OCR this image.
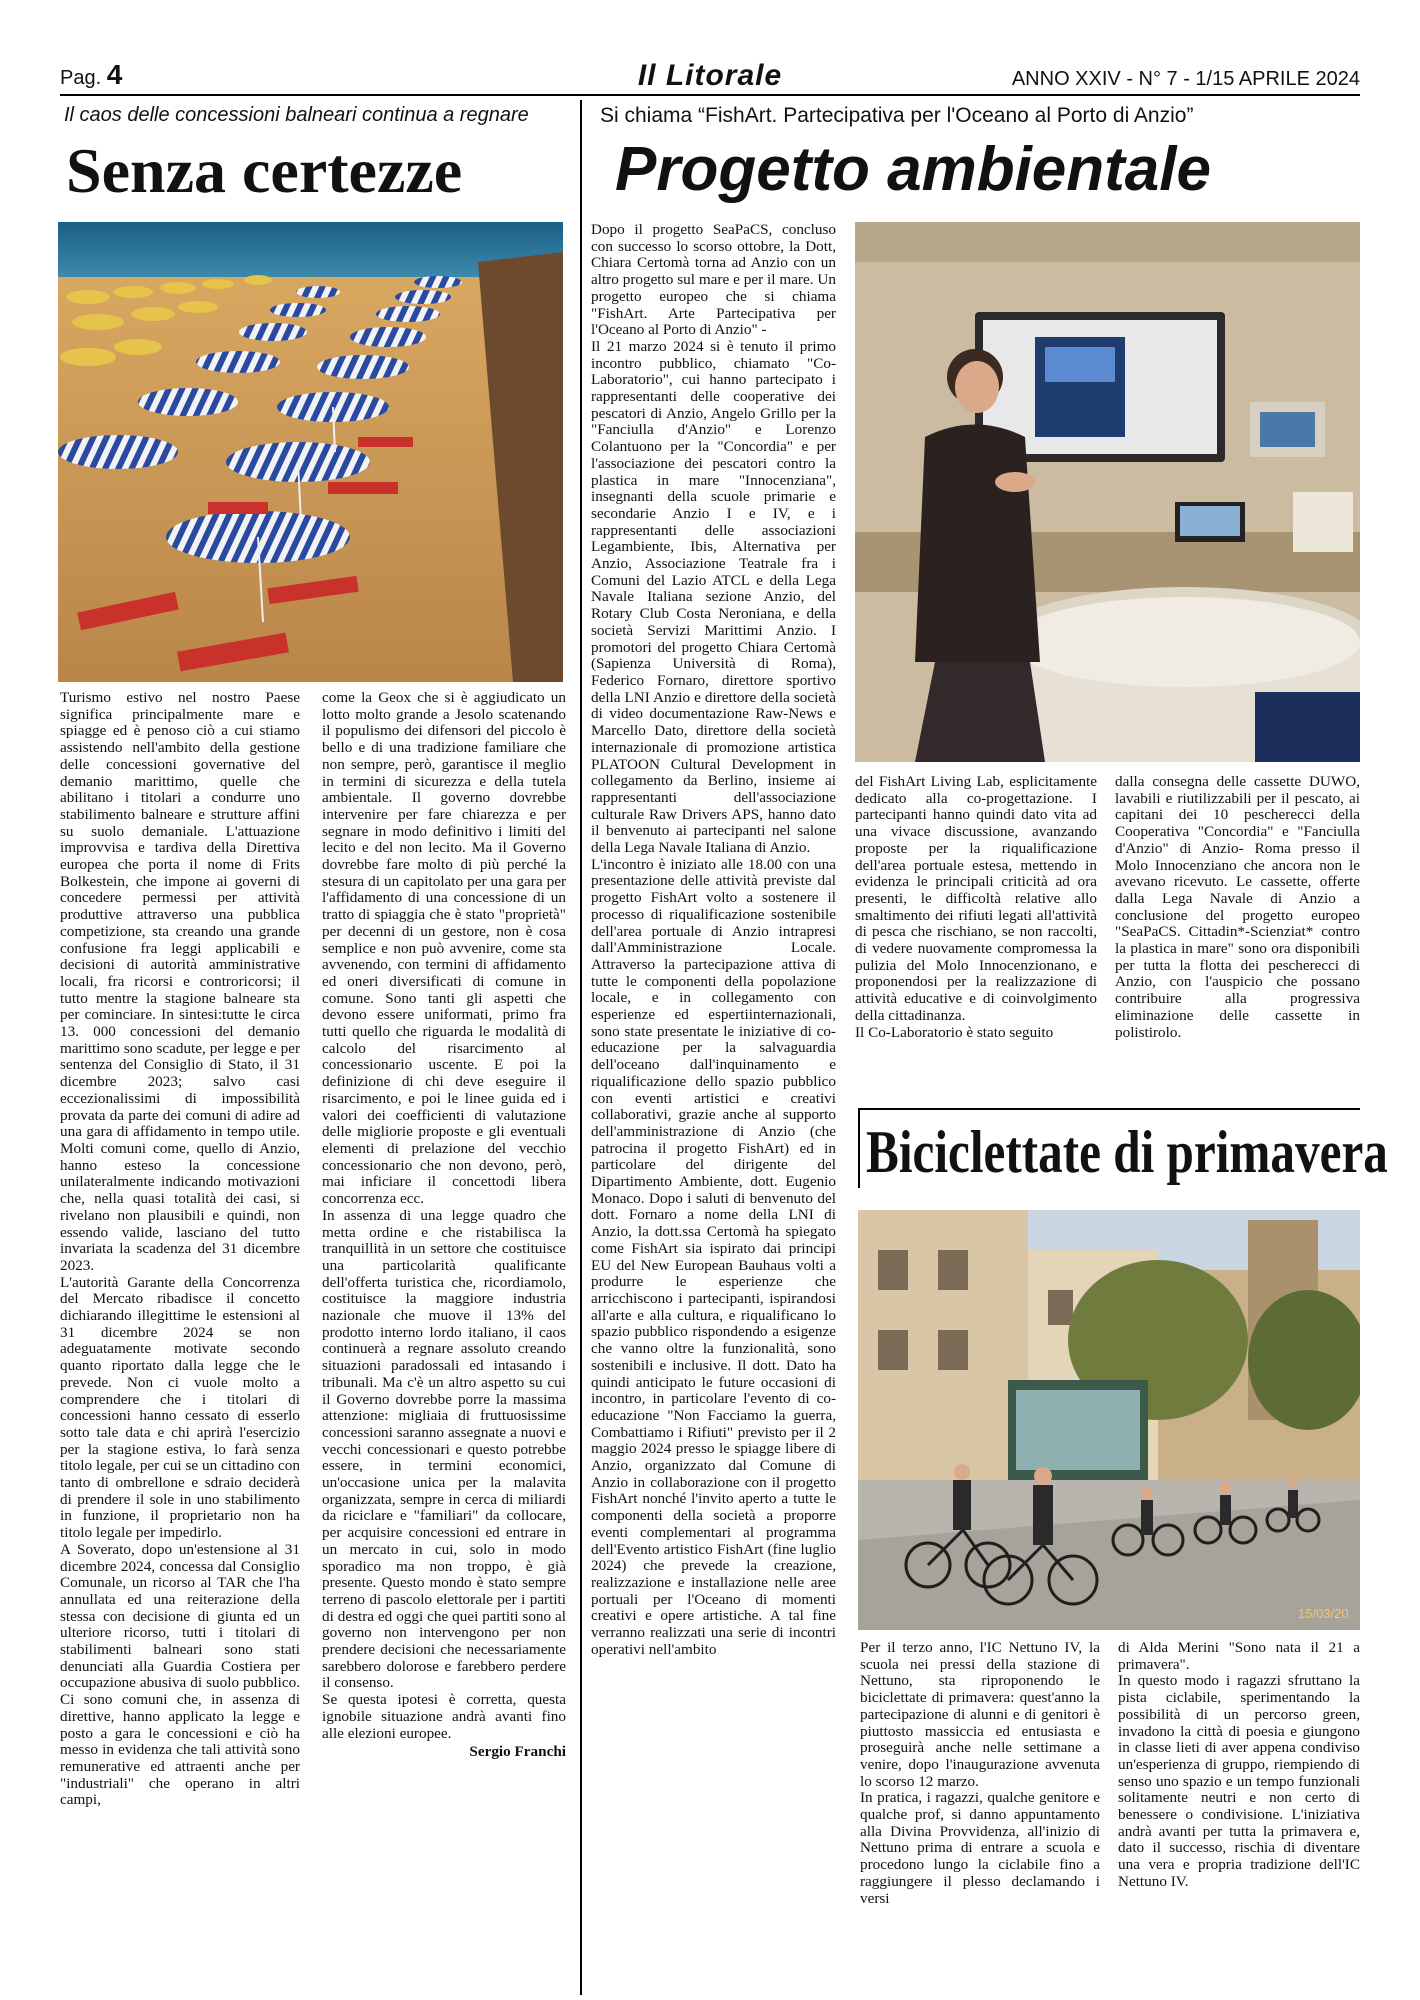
Pag. 4	Il Litorale	ANNO XXIV - N° 7 - 1/15 APRILE 2024
Il caos delle concessioni balneari continua a regnare
Senza certezze

Turismo estivo nel nostro Paese significa principalmente mare e spiagge ed è penoso ciò a cui stiamo assistendo nell'ambito della gestione delle concessioni governative del demanio marittimo, quelle che abilitano i titolari a condurre uno stabilimento balneare e strutture affini su suolo demaniale. L'attuazione improvvisa e tardiva della Direttiva europea che porta il nome di Frits Bolkestein, che impone ai governi di concedere permessi per attività produttive attraverso una pubblica competizione, sta creando una grande confusione fra leggi applicabili e decisioni di autorità amministrative locali, fra ricorsi e controricorsi; il tutto mentre la stagione balneare sta per cominciare. In sintesi:tutte le circa 13. 000 concessioni del demanio marittimo sono scadute, per legge e per sentenza del Consiglio di Stato, il 31 dicembre 2023; salvo casi eccezionalissimi di impossibilità provata da parte dei comuni di adire ad una gara di affidamento in tempo utile. Molti comuni come, quello di Anzio, hanno esteso la concessione unilateralmente indicando motivazioni che, nella quasi totalità dei casi, si rivelano non plausibili e quindi, non essendo valide, lasciano del tutto invariata la scadenza del 31 dicembre 2023.

L'autorità Garante della Concorrenza del Mercato ribadisce il concetto dichiarando illegittime le estensioni al 31 dicembre 2024 se non adeguatamente motivate secondo quanto riportato dalla legge che le prevede. Non ci vuole molto a comprendere che i titolari di concessioni hanno cessato di esserlo sotto tale data e chi aprirà l'esercizio per la stagione estiva, lo farà senza titolo legale, per cui se un cittadino con tanto di ombrellone e sdraio deciderà di prendere il sole in uno stabilimento in funzione, il proprietario non ha titolo legale per impedirlo.

A Soverato, dopo un'estensione al 31 dicembre 2024, concessa dal Consiglio Comunale, un ricorso al TAR che l'ha annullata ed una reiterazione della stessa con decisione di giunta ed un ulteriore ricorso, tutti i titolari di stabilimenti balneari sono stati denunciati alla Guardia Costiera per occupazione abusiva di suolo pubblico. Ci sono comuni che, in assenza di direttive, hanno applicato la legge e posto a gara le concessioni e ciò ha messo in evidenza che tali attività sono remunerative ed attraenti anche per "industriali" che operano in altri campi,

come la Geox che si è aggiudicato un lotto molto grande a Jesolo scatenando il populismo dei difensori del piccolo è bello e di una tradizione familiare che non sempre, però, garantisce il meglio in termini di sicurezza e della tutela ambientale. Il governo dovrebbe intervenire per fare chiarezza e per segnare in modo definitivo i limiti del lecito e del non lecito. Ma il Governo dovrebbe fare molto di più perché la stesura di un capitolato per una gara per l'affidamento di una concessione di un tratto di spiaggia che è stato "proprietà" per decenni di un gestore, non è cosa semplice e non può avvenire, come sta avvenendo, con termini di affidamento ed oneri diversificati di comune in comune. Sono tanti gli aspetti che devono essere uniformati, primo fra tutti quello che riguarda le modalità di calcolo del risarcimento al concessionario uscente. E poi la definizione di chi deve eseguire il risarcimento, e poi le linee guida ed i valori dei coefficienti di valutazione delle migliorie proposte e gli eventuali elementi di prelazione del vecchio concessionario che non devono, però, mai inficiare il concettodi libera concorrenza ecc.

In assenza di una legge quadro che metta ordine e che ristabilisca la tranquillità in un settore che costituisce una particolarità qualificante dell'offerta turistica che, ricordiamolo, costituisce la maggiore industria nazionale che muove il 13% del prodotto interno lordo italiano, il caos continuerà a regnare assoluto creando situazioni paradossali ed intasando i tribunali. Ma c'è un altro aspetto su cui il Governo dovrebbe porre la massima attenzione: migliaia di fruttuosissime concessioni saranno assegnate a nuovi e vecchi concessionari e questo potrebbe essere, in termini economici, un'occasione unica per la malavita organizzata, sempre in cerca di miliardi da riciclare e "familiari" da collocare, per acquisire concessioni ed entrare in un mercato in cui, solo in modo sporadico ma non troppo, è già presente. Questo mondo è stato sempre terreno di pascolo elettorale per i partiti di destra ed oggi che quei partiti sono al governo non intervengono per non prendere decisioni che necessariamente sarebbero dolorose e farebbero perdere il consenso.

Se questa ipotesi è corretta, questa ignobile situazione andrà avanti fino alle elezioni europee.

Sergio Franchi

Si chiama “FishArt. Partecipativa per l'Oceano al Porto di Anzio”
Progetto ambientale

Dopo il progetto SeaPaCS, concluso con successo lo scorso ottobre, la Dott, Chiara Certomà torna ad Anzio con un altro progetto sul mare e per il mare. Un progetto europeo che si chiama "FishArt. Arte Partecipativa per l'Oceano al Porto di Anzio" -

Il 21 marzo 2024 si è tenuto il primo incontro pubblico, chiamato "Co-Laboratorio", cui hanno partecipato i rappresentanti delle cooperative dei pescatori di Anzio, Angelo Grillo per la "Fanciulla d'Anzio" e Lorenzo Colantuono per la "Concordia" e per l'associazione dei pescatori contro la plastica in mare "Innocenziana", insegnanti della scuole primarie e secondarie Anzio I e IV, e i rappresentanti delle associazioni Legambiente, Ibis, Alternativa per Anzio, Associazione Teatrale fra i Comuni del Lazio ATCL e della Lega Navale Italiana sezione Anzio, del Rotary Club Costa Neroniana, e della società Servizi Marittimi Anzio. I promotori del progetto Chiara Certomà (Sapienza Università di Roma), Federico Fornaro, direttore sportivo della LNI Anzio e direttore della società di video documentazione Raw-News e Marcello Dato, direttore della società internazionale di promozione artistica PLATOON Cultural Development in collegamento da Berlino, insieme ai rappresentanti dell'associazione culturale Raw Drivers APS, hanno dato il benvenuto ai partecipanti nel salone della Lega Navale Italiana di Anzio.

L'incontro è iniziato alle 18.00 con una presentazione delle attività previste dal progetto FishArt volto a sostenere il processo di riqualificazione sostenibile dell'area portuale di Anzio intrapresi dall'Amministrazione Locale. Attraverso la partecipazione attiva di tutte le componenti della popolazione locale, e in collegamento con esperienze ed espertiinternazionali, sono state presentate le iniziative di co-educazione per la salvaguardia dell'oceano dall'inquinamento e riqualificazione dello spazio pubblico con eventi artistici e creativi collaborativi, grazie anche al supporto dell'amministrazione di Anzio (che patrocina il progetto FishArt) ed in particolare del dirigente del Dipartimento Ambiente, dott. Eugenio Monaco. Dopo i saluti di benvenuto del dott. Fornaro a nome della LNI di Anzio, la dott.ssa Certomà ha spiegato come FishArt sia ispirato dai principi EU del New European Bauhaus volti a produrre le esperienze che arricchiscono i partecipanti, ispirandosi all'arte e alla cultura, e riqualificano lo spazio pubblico rispondendo a esigenze che vanno oltre la funzionalità, sono sostenibili e inclusive. Il dott. Dato ha quindi anticipato le future occasioni di incontro, in particolare l'evento di co-educazione "Non Facciamo la guerra, Combattiamo i Rifiuti" previsto per il 2 maggio 2024 presso le spiagge libere di Anzio, organizzato dal Comune di Anzio in collaborazione con il progetto FishArt nonché l'invito aperto a tutte le componenti della società a proporre eventi complementari al programma dell'Evento artistico FishArt (fine luglio 2024) che prevede la creazione, realizzazione e installazione nelle aree portuali per l'Oceano di momenti creativi e opere artistiche. A tal fine verranno realizzati una serie di incontri operativi nell'ambito

del FishArt Living Lab, esplicitamente dedicato alla co-progettazione. I partecipanti hanno quindi dato vita ad una vivace discussione, avanzando proposte per la riqualificazione dell'area portuale estesa, mettendo in evidenza le principali criticità ad ora presenti, le difficoltà relative allo smaltimento dei rifiuti legati all'attività di pesca che rischiano, se non raccolti, di vedere nuovamente compromessa la pulizia del Molo Innocenzionano, e proponendosi per la realizzazione di attività educative e di coinvolgimento della cittadinanza.

Il Co-Laboratorio è stato seguito

dalla consegna delle cassette DUWO, lavabili e riutilizzabili per il pescato, ai capitani dei 10 pescherecci della Cooperativa "Concordia" e "Fanciulla d'Anzio" di Anzio- Roma presso il Molo Innocenziano che ancora non le avevano ricevuto. Le cassette, offerte dalla Lega Navale di Anzio a conclusione del progetto europeo "SeaPaCS. Cittadin*-Scienziat* contro la plastica in mare" sono ora disponibili per tutta la flotta dei pescherecci di Anzio, con l'auspicio che possano contribuire alla progressiva eliminazione delle cassette in polistirolo.

Biciclettate di primavera
15/03/20

Per il terzo anno, l'IC Nettuno IV, la scuola nei pressi della stazione di Nettuno, sta riproponendo le biciclettate di primavera: quest'anno la partecipazione di alunni e di genitori è piuttosto massiccia ed entusiasta e proseguirà anche nelle settimane a venire, dopo l'inaugurazione avvenuta lo scorso 12 marzo.

In pratica, i ragazzi, qualche genitore e qualche prof, si danno appuntamento alla Divina Provvidenza, all'inizio di Nettuno prima di entrare a scuola e procedono lungo la ciclabile fino a raggiungere il plesso declamando i versi

di Alda Merini "Sono nata il 21 a primavera".

In questo modo i ragazzi sfruttano la pista ciclabile, sperimentando la possibilità di un percorso green, invadono la città di poesia e giungono in classe lieti di aver appena condiviso un'esperienza di gruppo, riempiendo di senso uno spazio e un tempo funzionali solitamente neutri e non certo di benessere o condivisione. L'iniziativa andrà avanti per tutta la primavera e, dato il successo, rischia di diventare una vera e propria tradizione dell'IC Nettuno IV.
